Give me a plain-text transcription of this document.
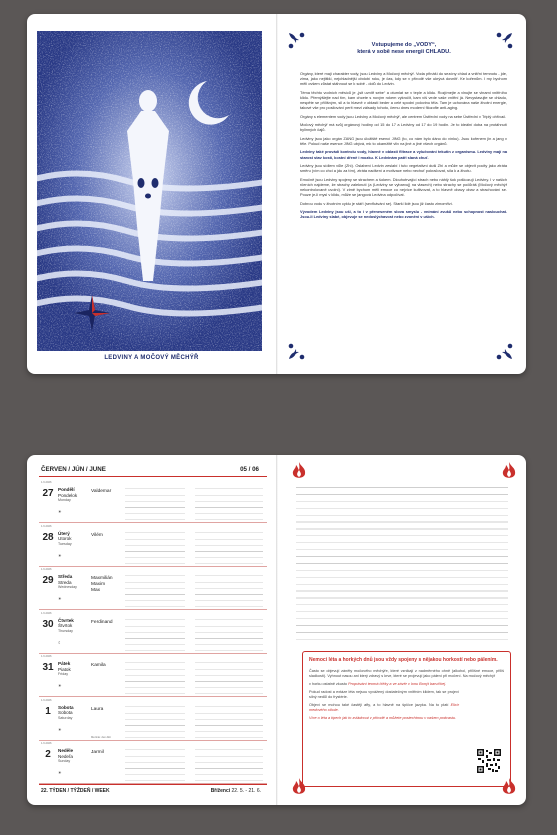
LEDVINY A MOČOVÝ MĚCHÝŘ
Vstupujeme do „VODY“,
která v sobě nese energii CHLADU.

Orgány, které mají charakter vody, jsou Ledviny a Močový měchýř. Voda přináší do sezóny chlad a vnitřní temnotu - jde, zima, jako nejtišší, nejchladnější období roku, je čas, kdy se v přírodě vše ukrývá dovnitř. Ke kořenům. I my bychom měli ovšem zůstat stáhnout se k sobě - dolů do Ledvin.

Téma těchto vodních měsíců je „jsit uvnitř sebe“ a otumlat se v teple a klidu. Rozjímejte a vlnujte se vlnami vnitřního klidu. Přemýšlejte nad tím, kam chcete s novým rokem vykročit, kam víš vede vaše vnitřní já. Nevystavujte se chladu, nespěte se přílišným, sil a to hlavně v oblasti beder a celé spodní polovinu těla. Tam je uchována naše životní energie, takové vše pro posilování perit mezi zálsady tohoto, čemu dnes moderní filozofie anti-aging.

Orgány s elementem vody jsou Ledviny a Močový měchýř, ale centrem Ústřední vody na sebe Ústřední v Triplý ohřívač.

Močový měchýř má svůj orgánový hodiny od 15 do 17 a Ledviny od 17 do 19 hodin. Je to ideální doba na protáhnutí bylinných čajů.

Ledviny jsou jako orgán ZANG jsou úložiště esencí JING (to, co nám bylo dáno do vínku). Jsou kořenem jin a jang v těle. Pokud naše esence JING ubývá, mk to okamžitě vliv na jiné a jiné všech orgánů.

Ledviny také provádí kontrolu vody, hlavně v oblasti filtrace a vylučování tekutin z organismu. Ledviny mají na starost stav kostí, kostní dřeně i mozku. K Ledvinám patří slaná chuť.

Ledviny jsou sídlem vůle (Zhì). Oslabení Ledvin zeslabí i tuto vegetativní duši Zhì a může se objevit pocity jako ztráta směru (vím co chci a jdu za tím), ztráta nadšení a motivace nebo nechuť pokračovat, síla k a životu.

Emočně jsou Ledviny spojeny se strachem a šokem. Dlouhotrvající strach nebo náhlý šok poškozují Ledviny. I v našich rčeních najdeme, že strachy zaleknutí (a (Ledviny se vybarvuj) na vlasech) nebo strachy se počůráš (Močový měchýř nekontrolovaně uvolní). V zimě bychom měli emoce co nejvíce kultivovat, a to hlavně obavy obav a strachování se. Pouze je-li mysl v klidu, může se jangová Ledvina odpočívat.

Dobrou vodu v životním cyklu je stáří (sevřkávání se). Starší lidé jsou již často zimomřiví.

Vývodem Ledviny jsou uši, a to i v přeneseném slova smyslu - vnímání zvuků nebo schopnost naslouchat. Jsou-li Ledviny slabé, objevuje se nedoslýchavost nebo zvonění v uších.

ČERVEN / JÚN / JUNE	05 / 06
22. TÝDEN / TÝŽDEŇ / WEEK	Bříženci 22. 5. - 21. 6.
Nemoci léta a horkých dnů jsou vždy spojeny s nějakou horkostí nebo pálením.

Často se objevují záněty močového měchýře, které vznikají z nadměrného ohně (alkohol, přílišné emoce, příliš sladkostí). Vyhnout nasou ani který zdravý s krve, které se projevují jako pálení při močení. Na močový měchýř

v horku ostatně zkusto Proprávání teorná čtěky a ve závěr v lonu Bonýt barvíčkej.

Pokud radost a extáze léta nejsou vyvážený dostatečným vnitřním klidem, tak se projeví silný nedůl do frystérie.

Objeví se mohou také častěji afty, a to hlavně na špičce jazyka. Na to platí Elixír medového cibule.

Více o léta a tipech jak to zvládnout v přírodě a můžete postechtnou v našem podcastu.

1.6.2026
27 Pondělí
Pondelok
Monday
☀
Valdemar
1.6.2026
28 Úterý
Utorok
Tuesday
☀
Vilém
1.6.2026
29 Středa
Streda
Wednesday
☀
Maxmilián
Maxim
Max
1.6.2026
30 Čtvrtek
Štvrtok
Thursday
☾
Ferdinand
1.6.2026
31 Pátek
Piatok
Friday
☀
Kamila
1.6.2026
1	Sobota
Sobota
Saturday
☀
Laura
Mezinár. den dětí
1.6.2026
2	Neděle
Nedeľa
Sunday
☀
Jarmil
